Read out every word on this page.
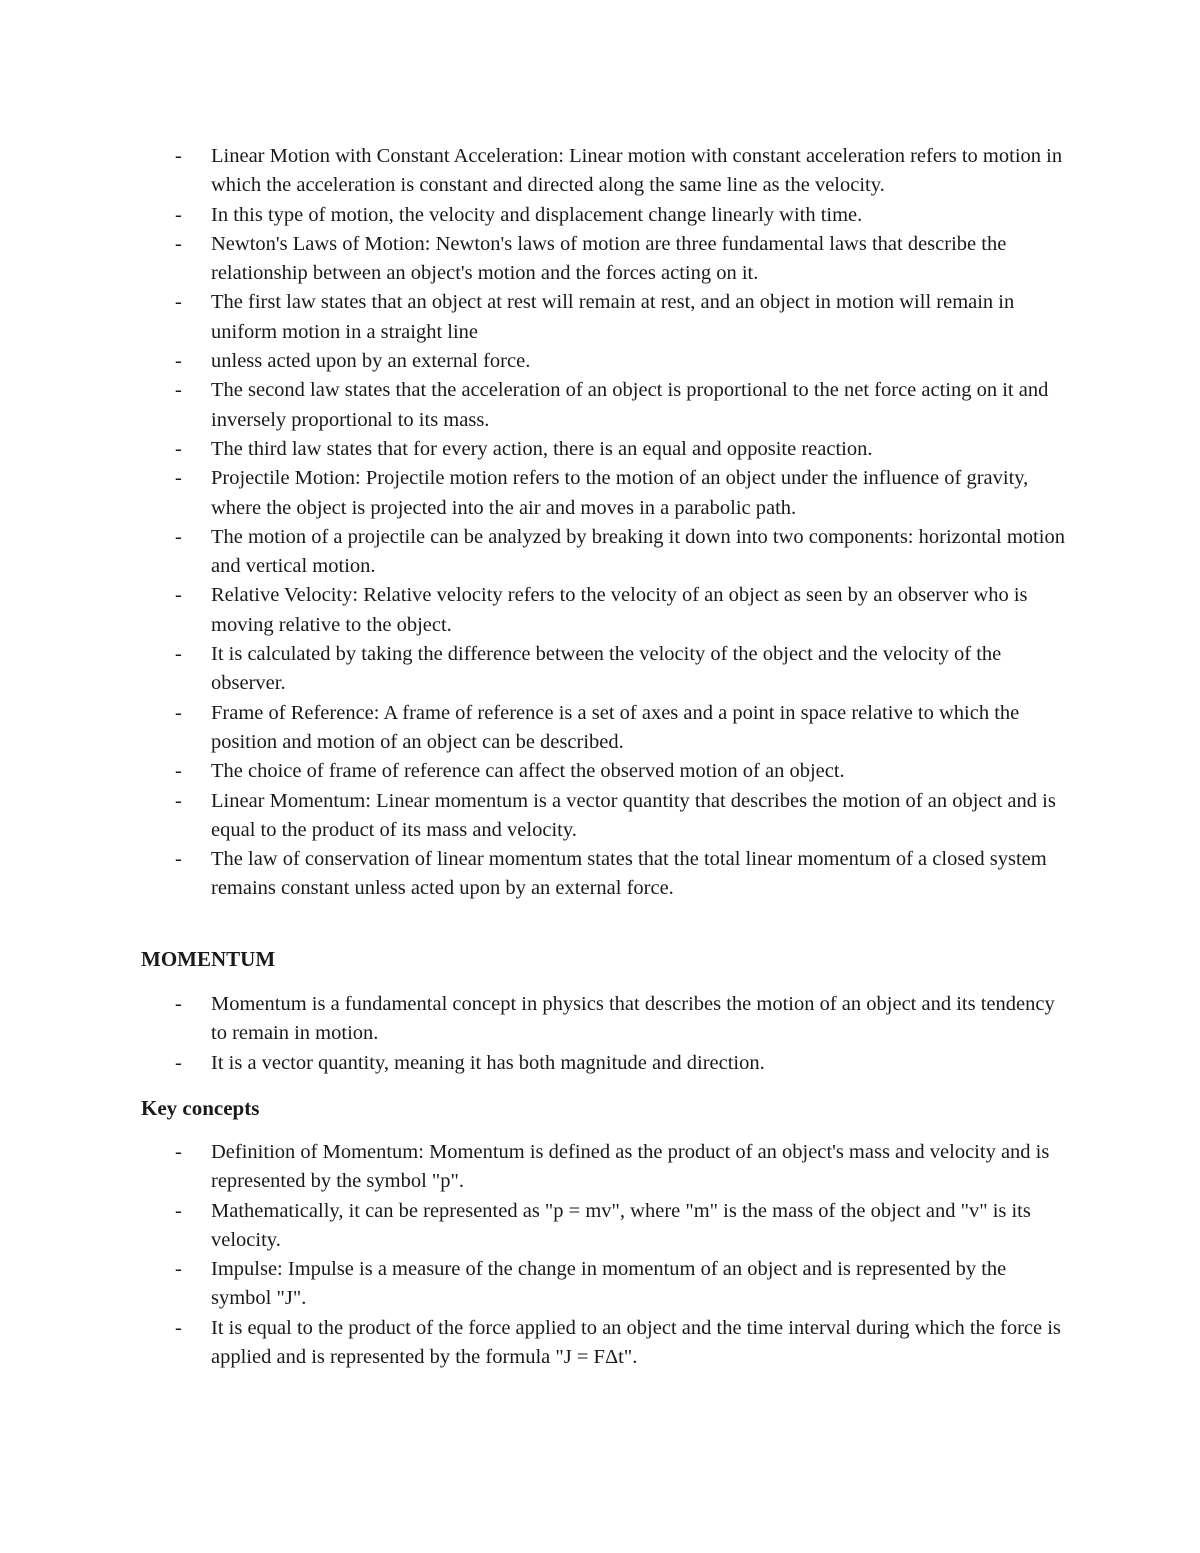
- Linear Motion with Constant Acceleration: Linear motion with constant acceleration refers to motion in which the acceleration is constant and directed along the same line as the velocity.
- In this type of motion, the velocity and displacement change linearly with time.
- Newton's Laws of Motion: Newton's laws of motion are three fundamental laws that describe the relationship between an object's motion and the forces acting on it.
- The first law states that an object at rest will remain at rest, and an object in motion will remain in uniform motion in a straight line
- unless acted upon by an external force.
- The second law states that the acceleration of an object is proportional to the net force acting on it and inversely proportional to its mass.
- The third law states that for every action, there is an equal and opposite reaction.
- Projectile Motion: Projectile motion refers to the motion of an object under the influence of gravity, where the object is projected into the air and moves in a parabolic path.
- The motion of a projectile can be analyzed by breaking it down into two components: horizontal motion and vertical motion.
- Relative Velocity: Relative velocity refers to the velocity of an object as seen by an observer who is moving relative to the object.
- It is calculated by taking the difference between the velocity of the object and the velocity of the observer.
- Frame of Reference: A frame of reference is a set of axes and a point in space relative to which the position and motion of an object can be described.
- The choice of frame of reference can affect the observed motion of an object.
- Linear Momentum: Linear momentum is a vector quantity that describes the motion of an object and is equal to the product of its mass and velocity.
- The law of conservation of linear momentum states that the total linear momentum of a closed system remains constant unless acted upon by an external force.
MOMENTUM
- Momentum is a fundamental concept in physics that describes the motion of an object and its tendency to remain in motion.
- It is a vector quantity, meaning it has both magnitude and direction.
Key concepts
- Definition of Momentum: Momentum is defined as the product of an object's mass and velocity and is represented by the symbol "p".
- Mathematically, it can be represented as "p = mv", where "m" is the mass of the object and "v" is its velocity.
- Impulse: Impulse is a measure of the change in momentum of an object and is represented by the symbol "J".
- It is equal to the product of the force applied to an object and the time interval during which the force is applied and is represented by the formula "J = FΔt".
